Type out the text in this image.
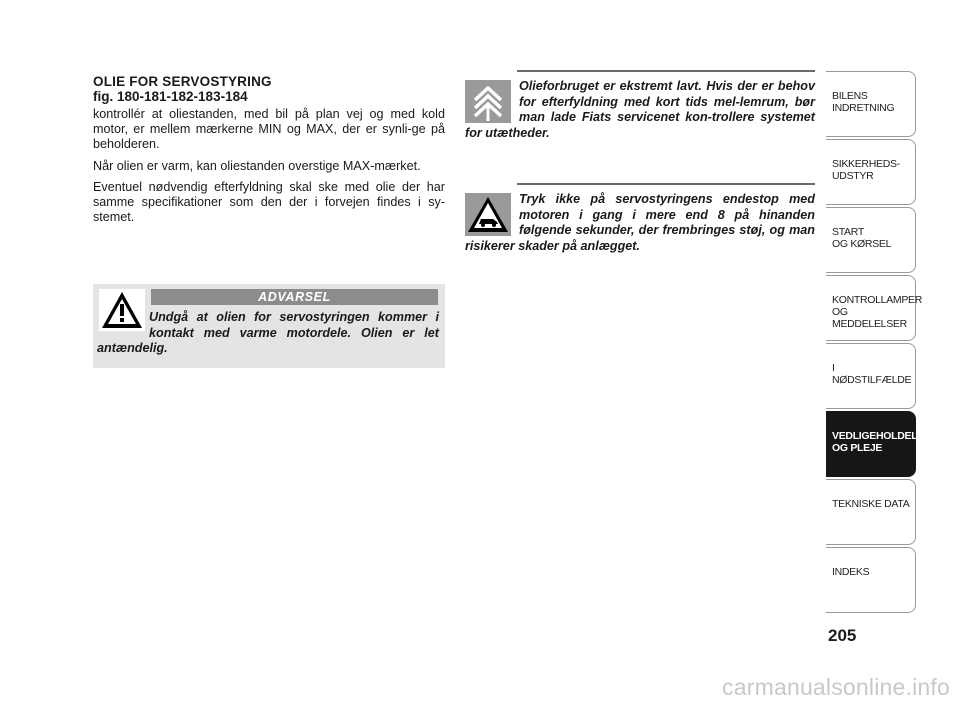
OLIE FOR SERVOSTYRING
fig. 180-181-182-183-184

kontrollér at oliestanden, med bil på plan vej og med kold motor, er mellem mærkerne MIN og MAX, der er synli-ge på beholderen.

Når olien er varm, kan oliestanden overstige MAX-mærket.

Eventuel nødvendig efterfyldning skal ske med olie der har samme specifikationer som den der i forvejen findes i sy-stemet.

ADVARSEL
Undgå at olien for servostyringen kommer i kontakt med varme motordele. Olien er let antændelig.
Olieforbruget er ekstremt lavt. Hvis der er behov for efterfyldning med kort tids mel-lemrum, bør man lade Fiats servicenet kon-trollere systemet for utætheder.
Tryk ikke på servostyringens endestop med motoren i gang i mere end 8 på hinanden følgende sekunder, der frembringes støj, og man risikerer skader på anlægget.
BILENS
INDRETNING
SIKKERHEDS-
UDSTYR
START
OG KØRSEL
KONTROLLAMPER
OG MEDDELELSER
I NØDSTILFÆLDE
VEDLIGEHOLDELSE
OG PLEJE
TEKNISKE DATA
INDEKS
205
carmanualsonline.info
